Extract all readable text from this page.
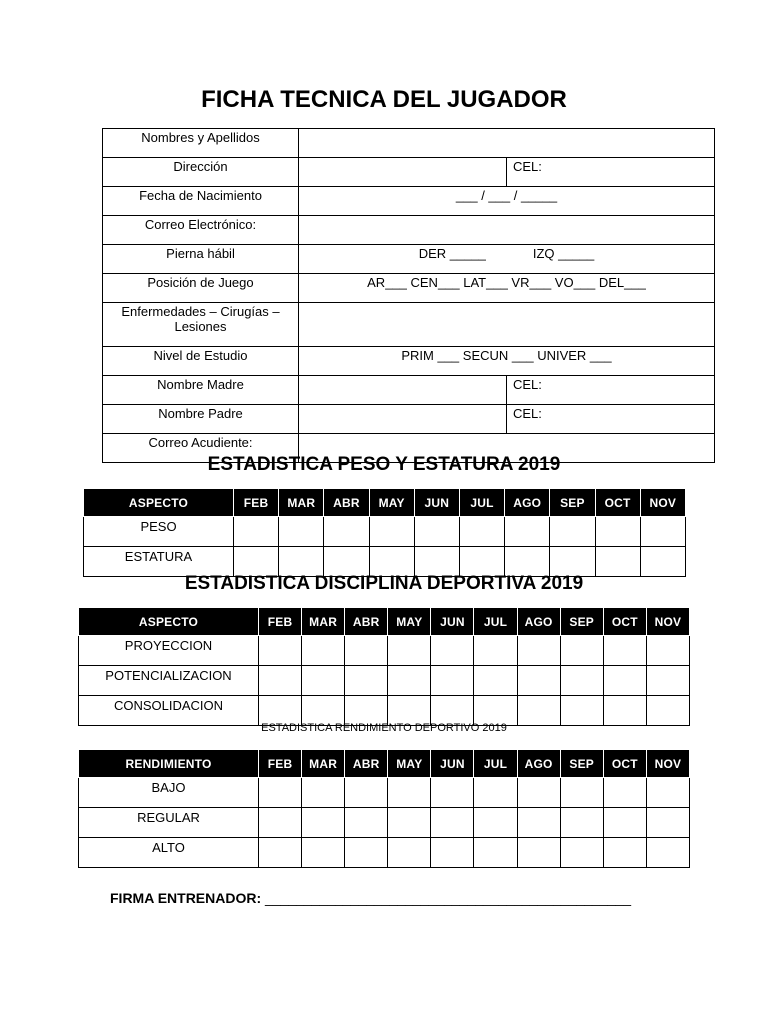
FICHA TECNICA DEL JUGADOR
Nombres y Apellidos		
Dirección		CEL:
Fecha de Nacimiento	___ / ___ / _____	
Correo Electrónico:		
Pierna hábil	DER _____             IZQ _____	
Posición de Juego	AR___ CEN___ LAT___ VR___ VO___ DEL___	
Enfermedades – Cirugías – Lesiones		
Nivel de Estudio	PRIM ___ SECUN ___ UNIVER ___	
Nombre Madre		CEL:
Nombre Padre		CEL:
Correo Acudiente:		
ESTADISTICA PESO Y ESTATURA 2019
ASPECTO	FEB	MAR	ABR	MAY	JUN	JUL	AGO	SEP	OCT	NOV
PESO										
ESTATURA										
ESTADISTICA DISCIPLINA DEPORTIVA 2019
ASPECTO	FEB	MAR	ABR	MAY	JUN	JUL	AGO	SEP	OCT	NOV
PROYECCION										
POTENCIALIZACION										
CONSOLIDACION										
ESTADISTICA RENDIMIENTO DEPORTIVO 2019
RENDIMIENTO	FEB	MAR	ABR	MAY	JUN	JUL	AGO	SEP	OCT	NOV
BAJO										
REGULAR										
ALTO										
FIRMA ENTRENADOR: _______________________________________________
